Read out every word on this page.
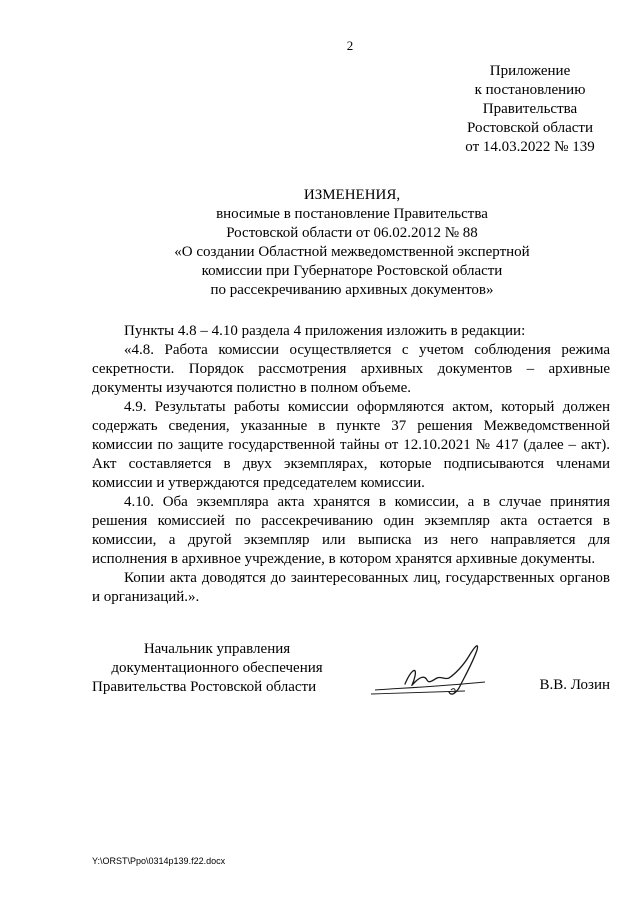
2
Приложение
к постановлению
Правительства
Ростовской области
от 14.03.2022 № 139
ИЗМЕНЕНИЯ,
вносимые в постановление Правительства
Ростовской области от 06.02.2012 № 88
«О создании Областной межведомственной экспертной
комиссии при Губернаторе Ростовской области
по рассекречиванию архивных документов»

Пункты 4.8 – 4.10 раздела 4 приложения изложить в редакции:

«4.8. Работа комиссии осуществляется с учетом соблюдения режима секретности. Порядок рассмотрения архивных документов – архивные документы изучаются полистно в полном объеме.

4.9. Результаты работы комиссии оформляются актом, который должен содержать сведения, указанные в пункте 37 решения Межведомственной комиссии по защите государственной тайны от 12.10.2021 № 417 (далее – акт). Акт составляется в двух экземплярах, которые подписываются членами комиссии и утверждаются председателем комиссии.

4.10. Оба экземпляра акта хранятся в комиссии, а в случае принятия решения комиссией по рассекречиванию один экземпляр акта остается в комиссии, а другой экземпляр или выписка из него направляется для исполнения в архивное учреждение, в котором хранятся архивные документы.

Копии акта доводятся до заинтересованных лиц, государственных органов и организаций.».

Начальник управления
документационного обеспечения
Правительства Ростовской области	В.В. Лозин
Y:\ORST\Ppo\0314p139.f22.docx
